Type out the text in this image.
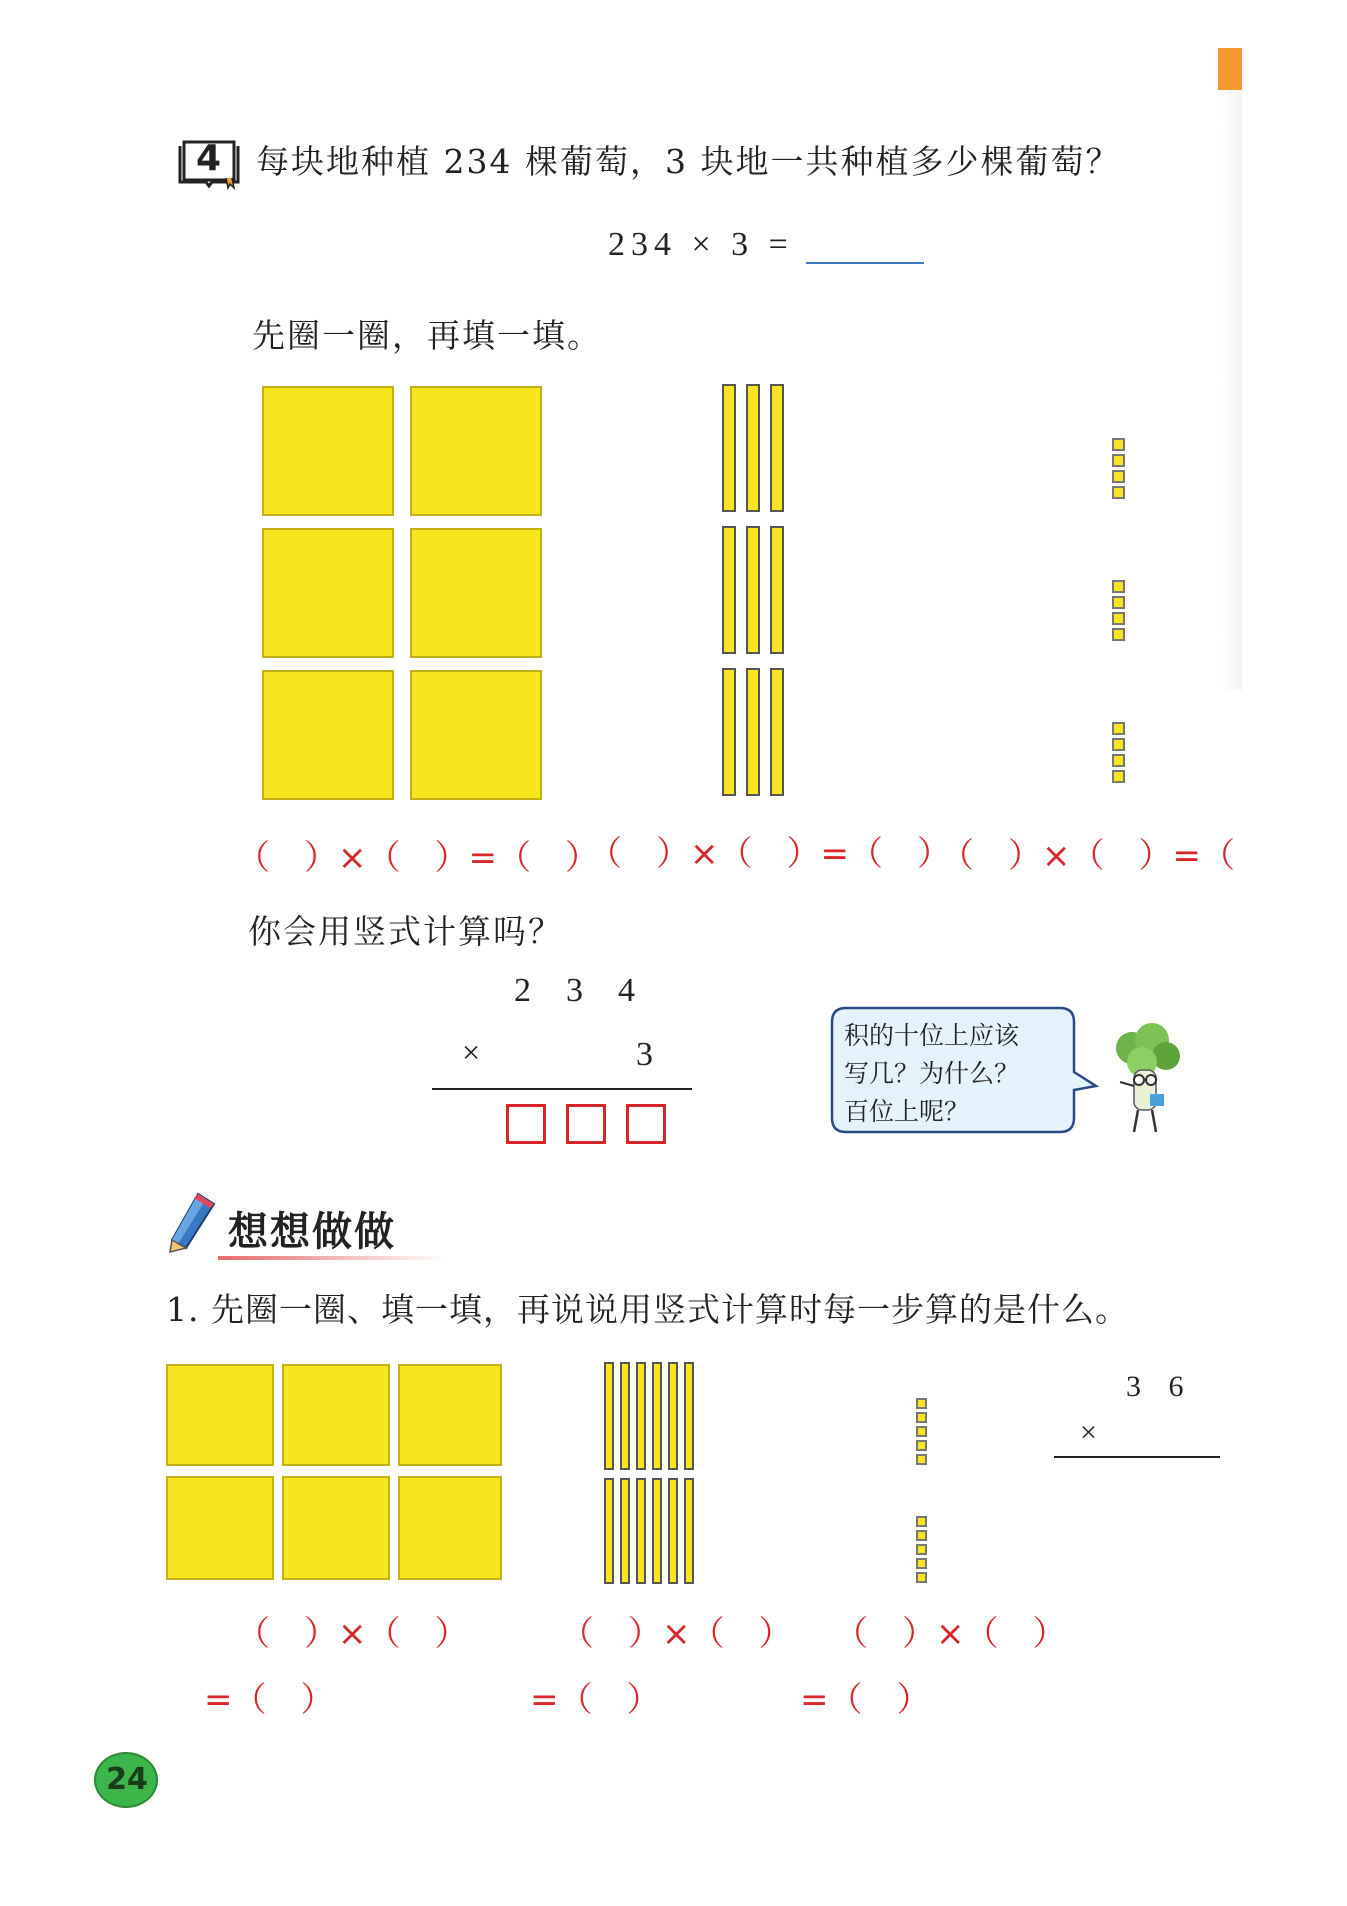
4 每块地种植 234 棵葡萄，3 块地一共种植多少棵葡萄？
234 × 3 =
先圈一圈，再填一填。
（　）×（　）=（　）
（　）×（　）=（　）
（　）×（　）=（
你会用竖式计算吗？
2  3  4
×	3
积的十位上应该
写几？为什么？
百位上呢？
想想做做
1. 先圈一圈、填一填，再说说用竖式计算时每一步算的是什么。
3 6
×
（　）×（　）
=（　）
（　）×（　）
=（　）
（　）×（　）
=（　）
24
